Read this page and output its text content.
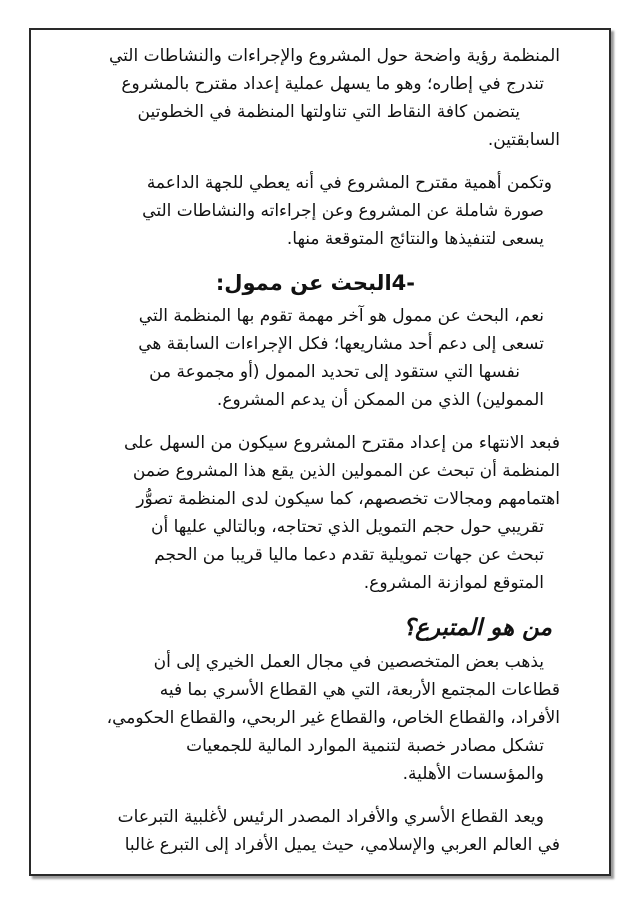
المنظمة رؤية واضحة حول المشروع والإجراءات والنشاطات التي

تندرج في إطاره؛ وهو ما يسهل عملية إعداد مقترح بالمشروع

يتضمن كافة النقاط التي تناولتها المنظمة في الخطوتين

السابقتين.

وتكمن أهمية مقترح المشروع في أنه يعطي للجهة الداعمة

صورة شاملة عن المشروع وعن إجراءاته والنشاطات التي

يسعى لتنفيذها والنتائج المتوقعة منها.

-4البحث عن ممول:

نعم، البحث عن ممول هو آخر مهمة تقوم بها المنظمة التي

تسعى إلى دعم أحد مشاريعها؛ فكل الإجراءات السابقة هي

نفسها التي ستقود إلى تحديد الممول (أو مجموعة من

الممولين) الذي من الممكن أن يدعم المشروع.

فبعد الانتهاء من إعداد مقترح المشروع سيكون من السهل على

المنظمة أن تبحث عن الممولين الذين يقع هذا المشروع ضمن

اهتمامهم ومجالات تخصصهم، كما سيكون لدى المنظمة تصوُّر

تقريبي حول حجم التمويل الذي تحتاجه، وبالتالي عليها أن

تبحث عن جهات تمويلية تقدم دعما ماليا قريبا من الحجم

المتوقع لموازنة المشروع.

من هو المتبرع؟

يذهب بعض المتخصصين في مجال العمل الخيري إلى أن

قطاعات المجتمع الأربعة، التي هي القطاع الأسري بما فيه

الأفراد، والقطاع الخاص، والقطاع غير الربحي، والقطاع الحكومي،

تشكل مصادر خصبة لتنمية الموارد المالية للجمعيات

والمؤسسات الأهلية.

ويعد القطاع الأسري والأفراد المصدر الرئيس لأغلبية التبرعات

في العالم العربي والإسلامي، حيث يميل الأفراد إلى التبرع غالبا
